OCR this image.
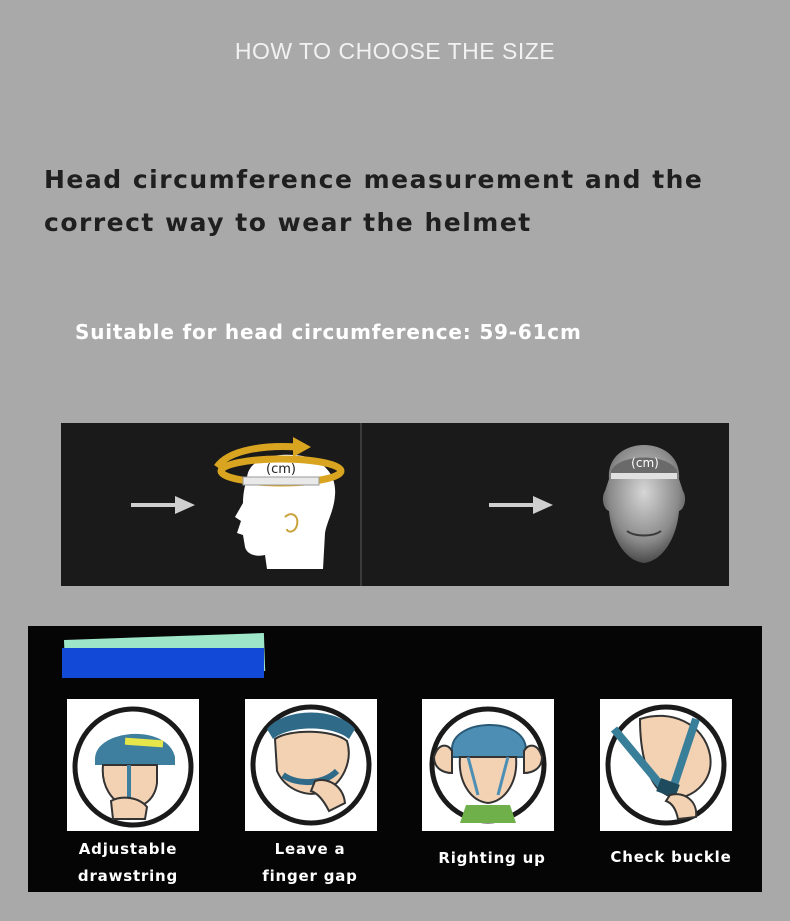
HOW TO CHOOSE THE SIZE
Head circumference measurement and the
correct way to wear the helmet
Suitable for head circumference: 59-61cm
(cm)	(cm)
Adjustable
drawstring
Leave a
finger gap
Righting up	Check buckle
